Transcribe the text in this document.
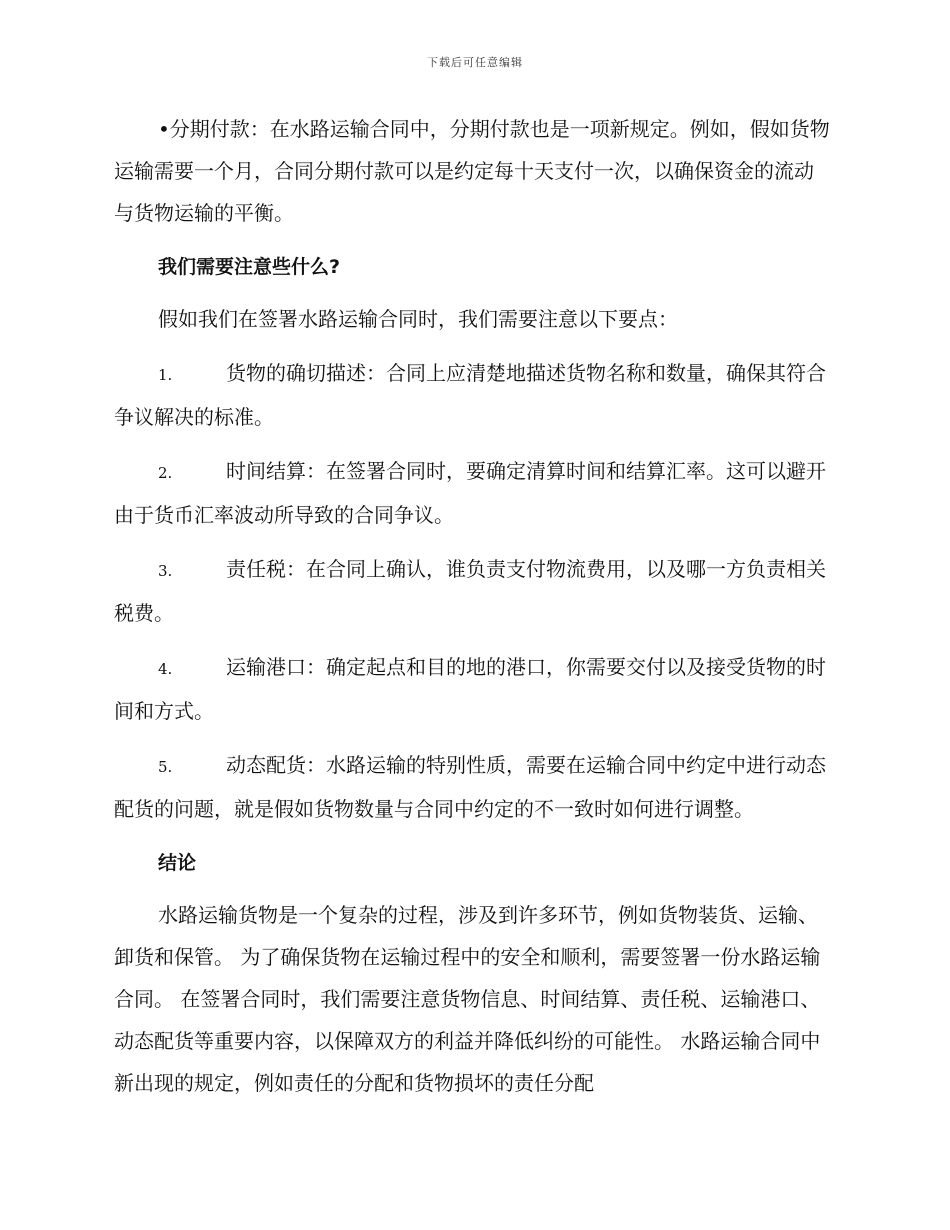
下载后可任意编辑

•分期付款：在水路运输合同中，分期付款也是一项新规定。例如，假如货物运输需要一个月，合同分期付款可以是约定每十天支付一次，以确保资金的流动与货物运输的平衡。

我们需要注意些什么?

假如我们在签署水路运输合同时，我们需要注意以下要点：

1.	货物的确切描述：合同上应清楚地描述货物名称和数量，确保其符合争议解决的标准。

2.	时间结算：在签署合同时，要确定清算时间和结算汇率。这可以避开由于货币汇率波动所导致的合同争议。

3.	责任税：在合同上确认，谁负责支付物流费用，以及哪一方负责相关税费。

4.	运输港口：确定起点和目的地的港口，你需要交付以及接受货物的时间和方式。

5.	动态配货：水路运输的特别性质，需要在运输合同中约定中进行动态配货的问题，就是假如货物数量与合同中约定的不一致时如何进行调整。

结论

水路运输货物是一个复杂的过程，涉及到许多环节，例如货物装货、运输、卸货和保管。 为了确保货物在运输过程中的安全和顺利，需要签署一份水路运输合同。 在签署合同时，我们需要注意货物信息、时间结算、责任税、运输港口、动态配货等重要内容，以保障双方的利益并降低纠纷的可能性。 水路运输合同中新出现的规定，例如责任的分配和货物损坏的责任分配
